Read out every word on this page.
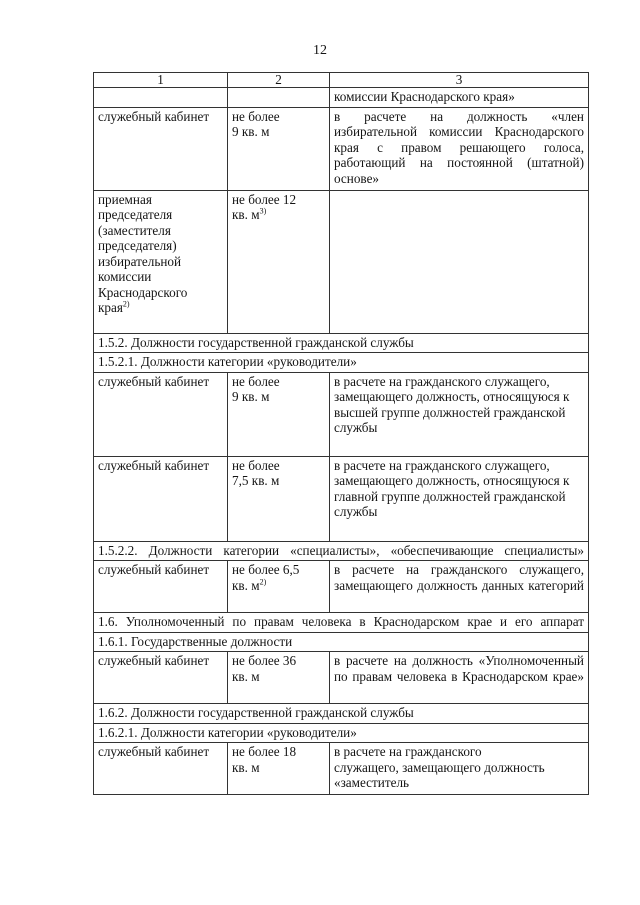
12
1	2	3
		комиссии Краснодарского края»
служебный кабинет	не более 9 кв. м	в расчете на должность «член избирательной комиссии Краснодарского края с правом решающего голоса, работающий на постоянной (штатной) основе»
приемная председателя (заместителя председателя) избирательной комиссии Краснодарского края$^{2)}$	не более 12 кв. $м^{3)}$	
1.5.2. Должности государственной гражданской службы		
1.5.2.1. Должности категории «руководители»		
служебный кабинет	не более 9 кв. м	в расчете на гражданского служащего, замещающего должность, относящуюся к высшей группе должностей гражданской службы
служебный кабинет	не более 7,5 кв. м	в расчете на гражданского служащего, замещающего должность, относящуюся к главной группе должностей гражданской службы
1.5.2.2. Должности категории «специалисты», «обеспечивающие специалисты»		
служебный кабинет	не более 6,5 кв. $м^{2)}$	в расчете на гражданского служащего, замещающего должность данных категорий
1.6. Уполномоченный по правам человека в Краснодарском крае и его аппарат		
1.6.1. Государственные должности		
служебный кабинет	не более 36 кв. м	в расчете на должность «Уполномоченный по правам человека в Краснодарском крае»
1.6.2. Должности государственной гражданской службы		
1.6.2.1. Должности категории «руководители»		
служебный кабинет	не более 18 кв. м	в расчете на гражданского служащего, замещающего должность «заместитель
